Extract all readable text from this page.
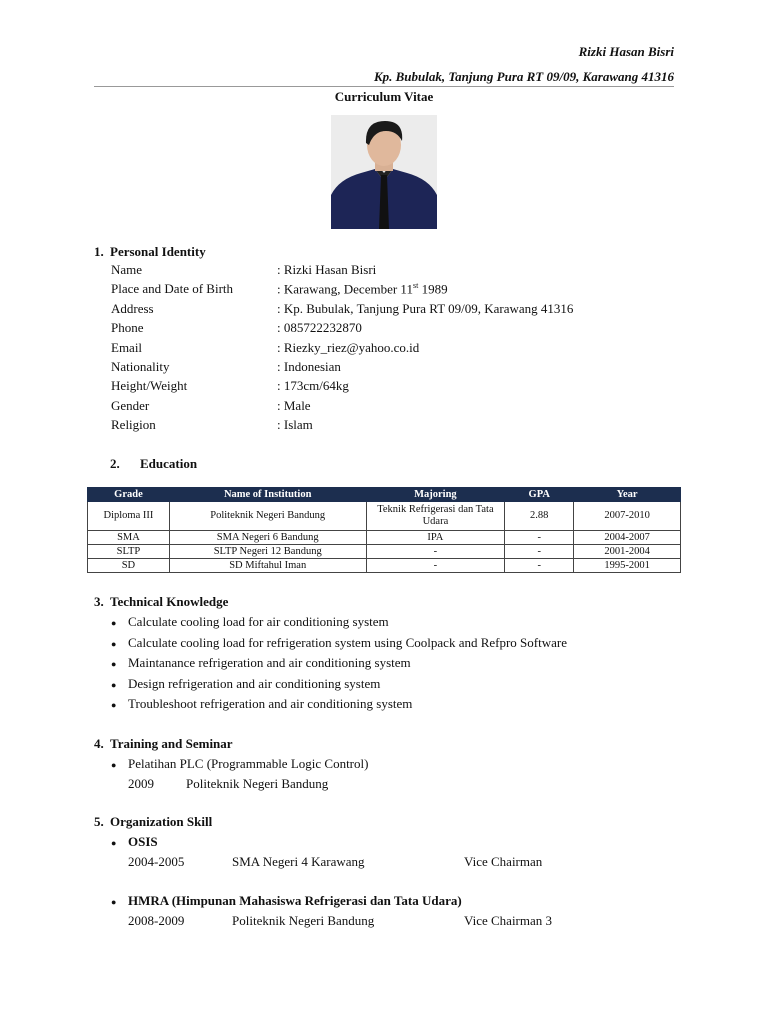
Rizki Hasan Bisri
Kp. Bubulak, Tanjung Pura RT 09/09, Karawang 41316
Curriculum Vitae
1. Personal Identity
Name	: Rizki Hasan Bisri
Place and Date of Birth	: Karawang, December 11st 1989
Address	: Kp. Bubulak, Tanjung Pura RT 09/09, Karawang 41316
Phone	: 085722232870
Email	: Riezky_riez@yahoo.co.id
Nationality	: Indonesian
Height/Weight	: 173cm/64kg
Gender	: Male
Religion	: Islam
2. Education
Grade	Name of Institution	Majoring	GPA	Year
Diploma III	Politeknik Negeri Bandung	Teknik Refrigerasi dan Tata Udara	2.88	2007-2010
SMA	SMA Negeri 6 Bandung	IPA	-	2004-2007
SLTP	SLTP Negeri 12 Bandung	-	-	2001-2004
SD	SD Miftahul Iman	-	-	1995-2001
3. Technical Knowledge
● Calculate cooling load for air conditioning system
● Calculate cooling load for refrigeration system using Coolpack and Refpro Software
● Maintanance refrigeration and air conditioning system
● Design refrigeration and air conditioning system
● Troubleshoot refrigeration and air conditioning system
4. Training and Seminar
● Pelatihan PLC (Programmable Logic Control)
2009	Politeknik Negeri Bandung
5. Organization Skill
● OSIS
2004-2005	SMA Negeri 4 Karawang	Vice Chairman
● HMRA (Himpunan Mahasiswa Refrigerasi dan Tata Udara)
2008-2009	Politeknik Negeri Bandung	Vice Chairman 3
